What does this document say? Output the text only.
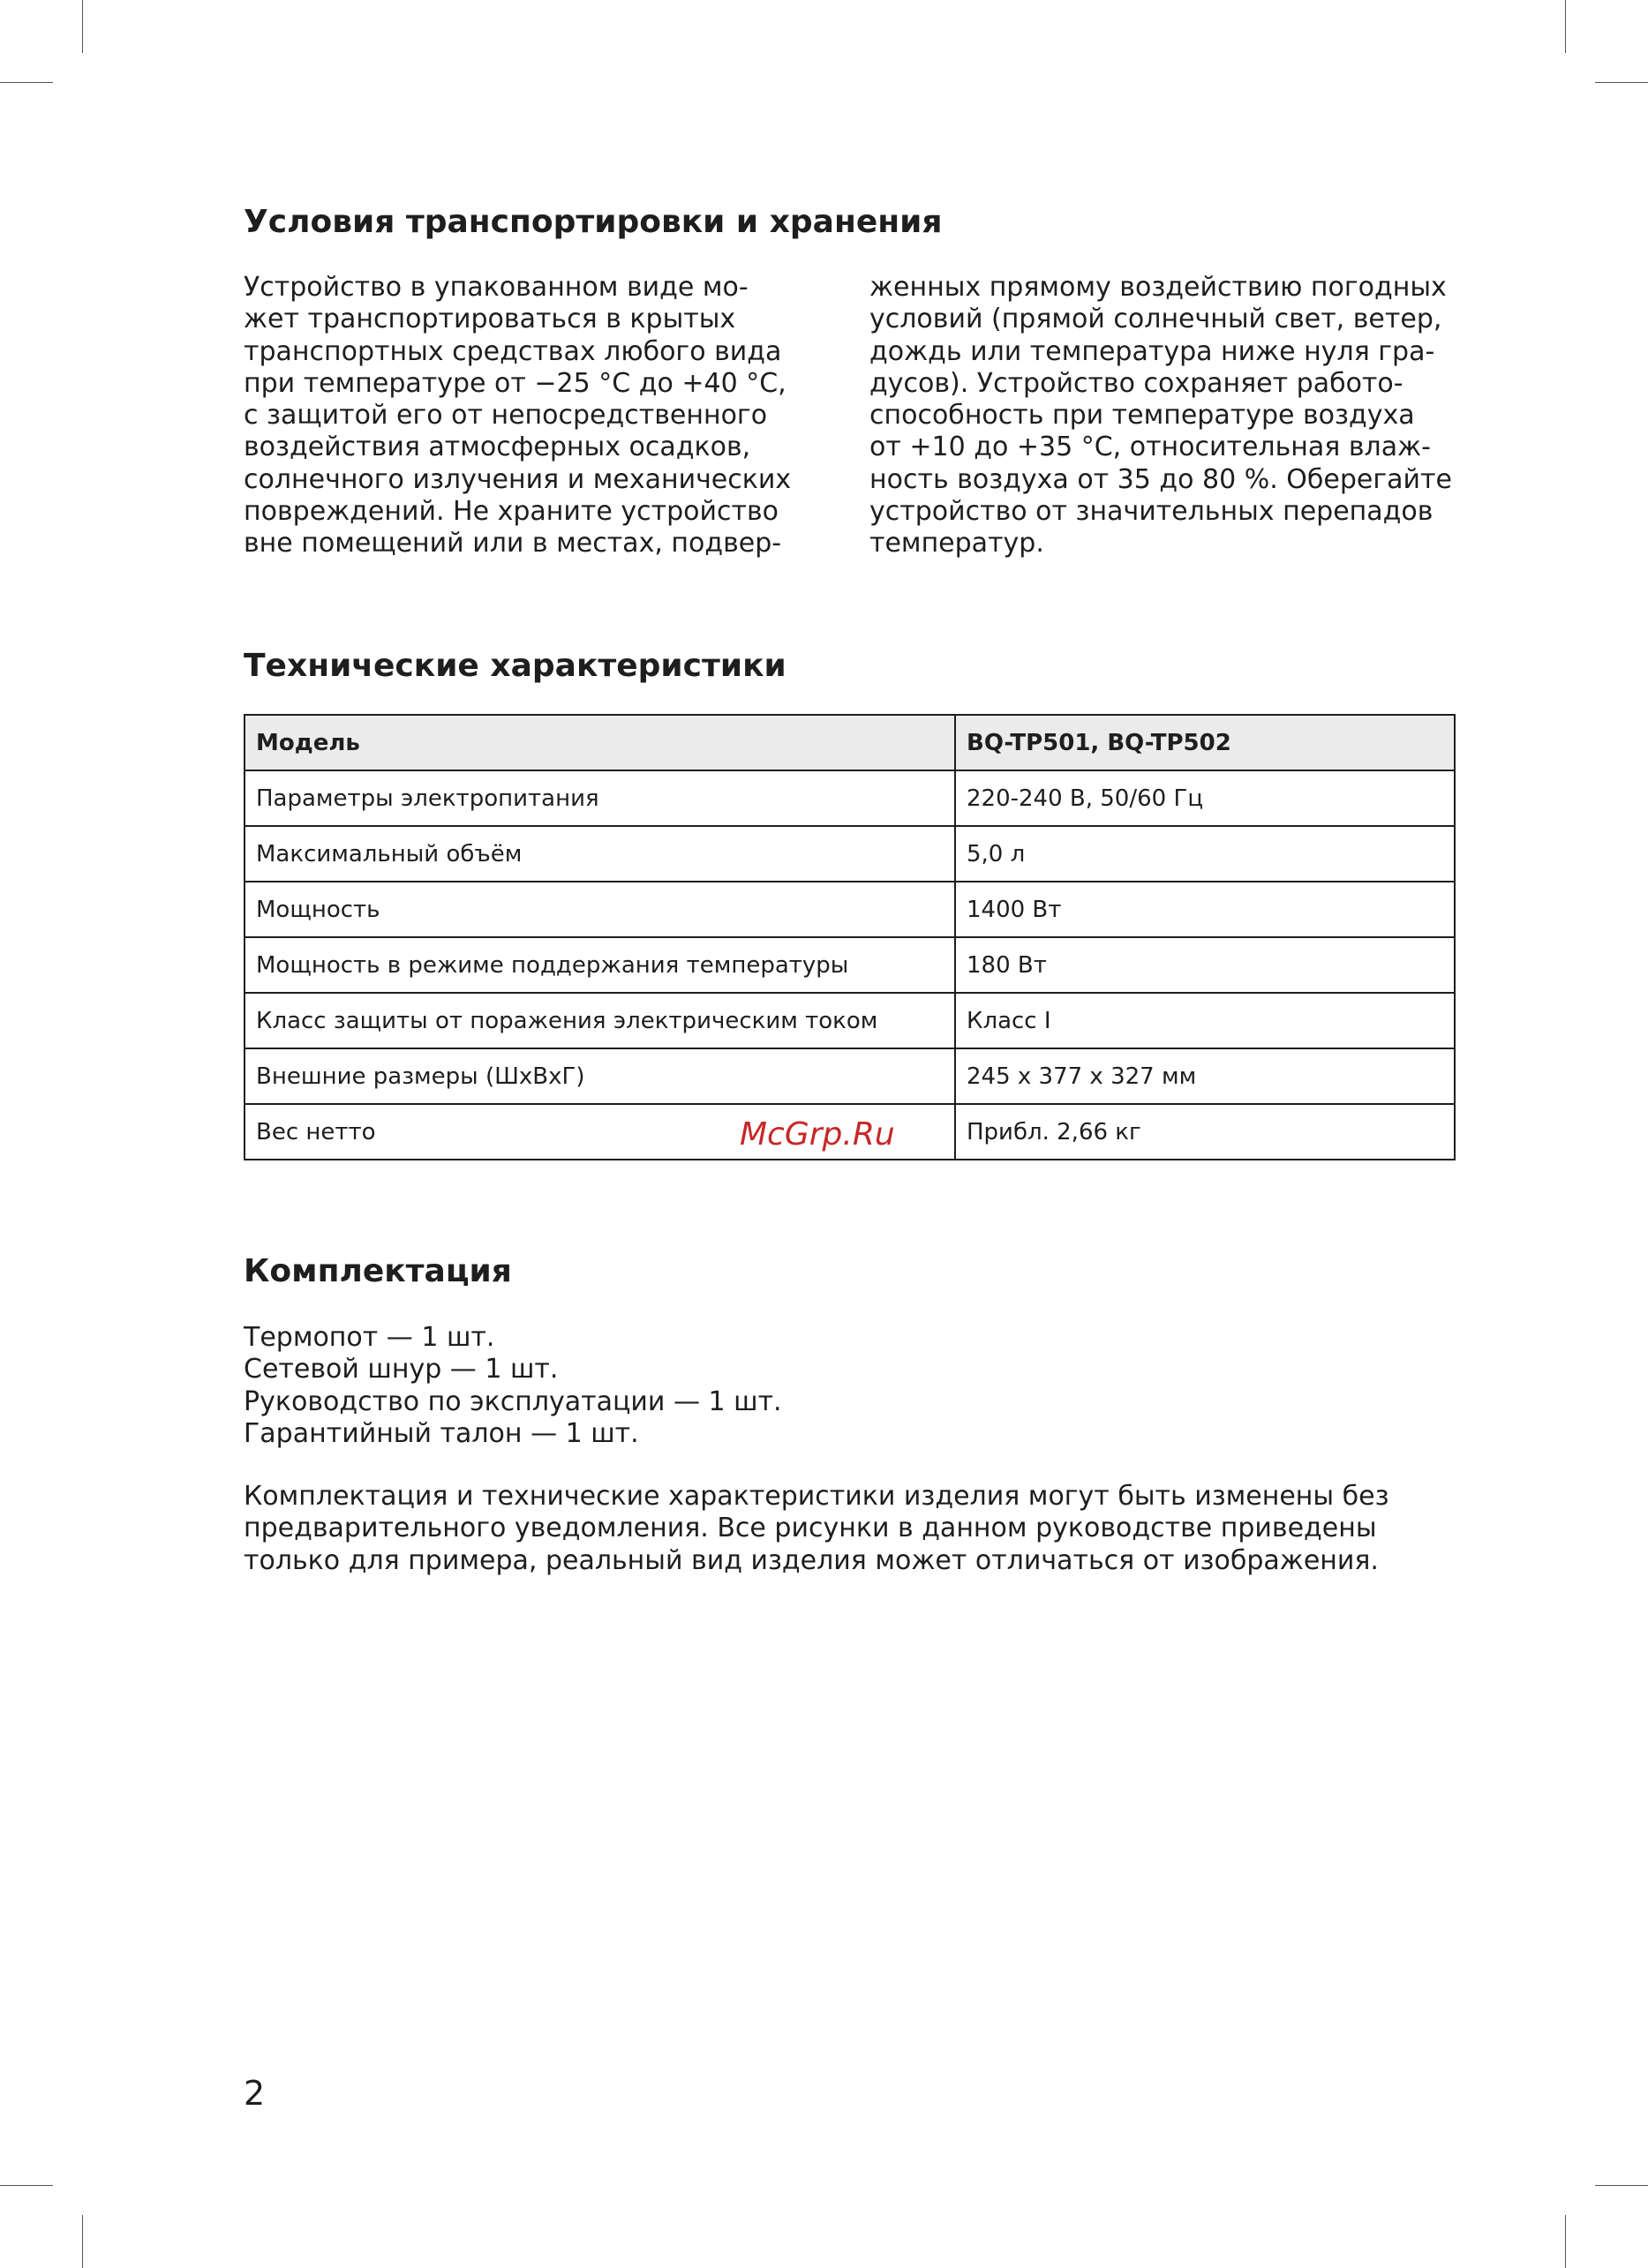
Условия транспортировки и хранения
Устройство в упакованном виде мо-
жет транспортироваться в крытых
транспортных средствах любого вида
при температуре от −25 °C до +40 °C,
с защитой его от непосредственного
воздействия атмосферных осадков,
солнечного излучения и механических
повреждений. Не храните устройство
вне помещений или в местах, подвер-
женных прямому воздействию погодных
условий (прямой солнечный свет, ветер,
дождь или температура ниже нуля гра-
дусов). Устройство сохраняет работо-
способность при температуре воздуха
от +10 до +35 °C, относительная влаж-
ность воздуха от 35 до 80 %. Оберегайте
устройство от значительных перепадов
температур.
Технические характеристики
Модель	BQ-TP501, BQ-TP502
Параметры электропитания	220-240 В, 50/60 Гц
Максимальный объём	5,0 л
Мощность	1400 Вт
Мощность в режиме поддержания температуры	180 Вт
Класс защиты от поражения электрическим током	Класс I
Внешние размеры (ШхВхГ)	245 x 377 x 327 мм
Вес нетто	Прибл. 2,66 кг
McGrp.Ru
Комплектация
Термопот — 1 шт.
Сетевой шнур — 1 шт.
Руководство по эксплуатации — 1 шт.
Гарантийный талон — 1 шт.
Комплектация и технические характеристики изделия могут быть изменены без
предварительного уведомления. Все рисунки в данном руководстве приведены
только для примера, реальный вид изделия может отличаться от изображения.
2
